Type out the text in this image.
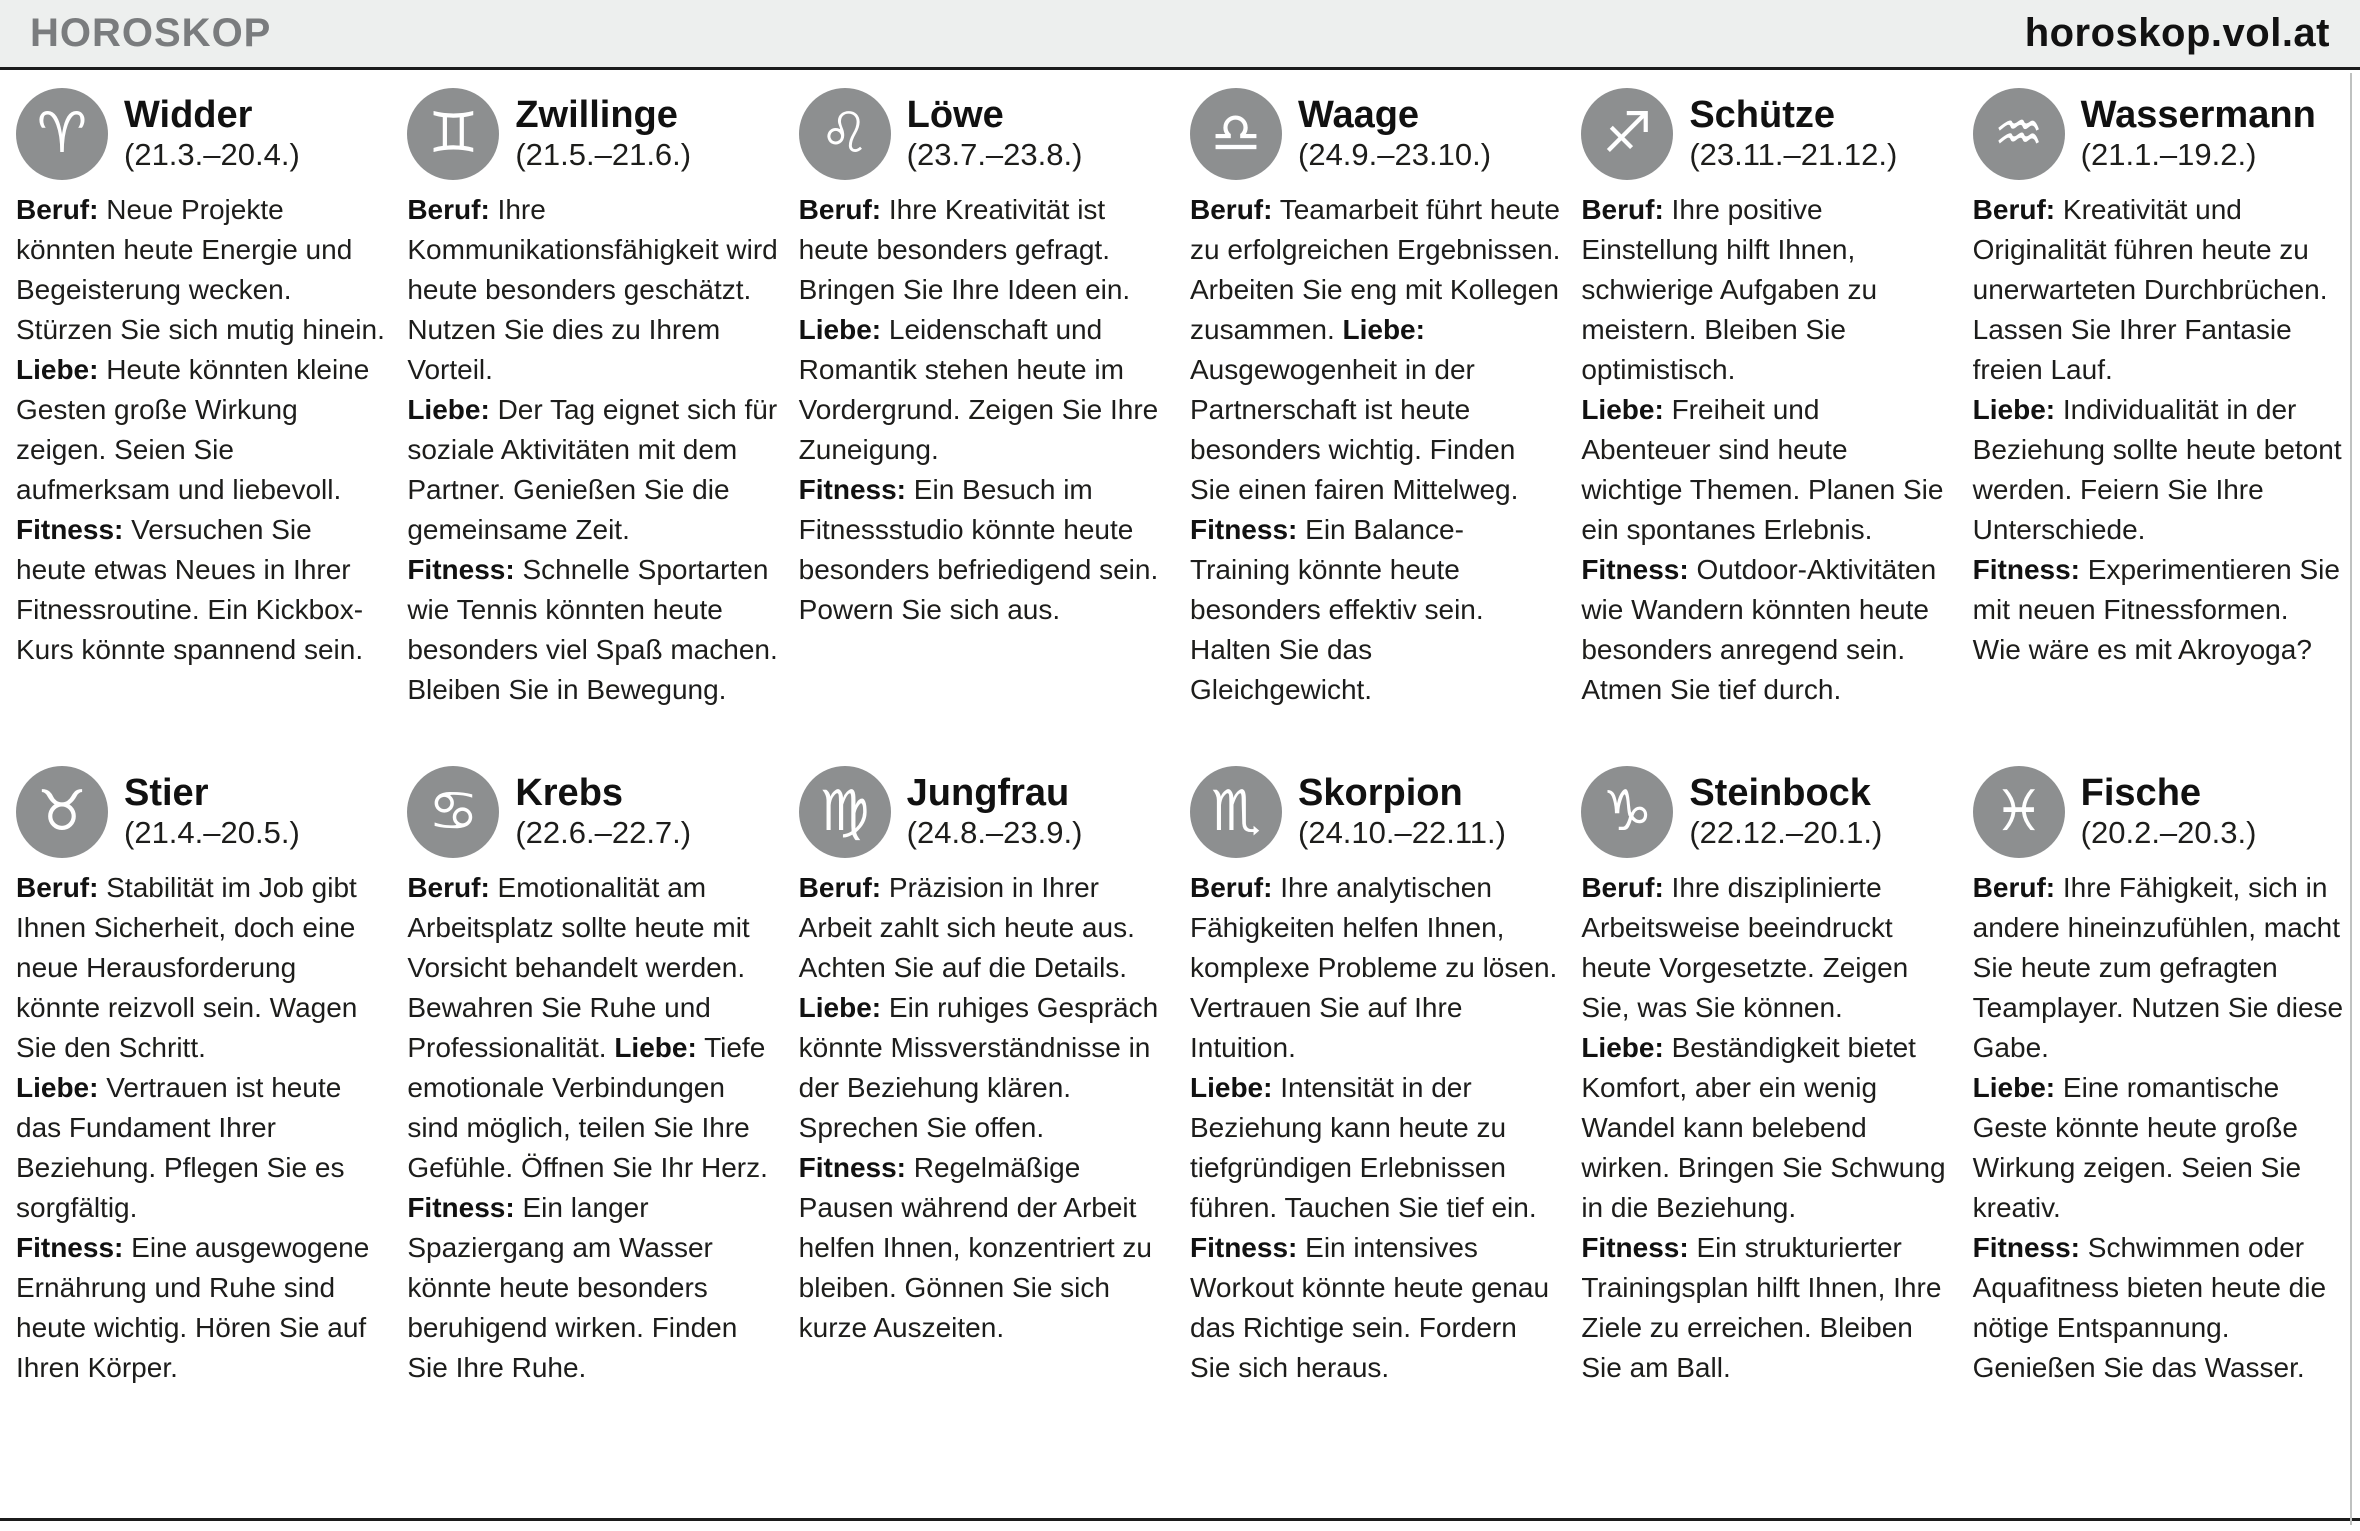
HOROSKOP	horoskop.vol.at
♈ Widder
(21.3.–20.4.)

Beruf: Neue Projekte könnten heute Energie und Begeisterung wecken. Stürzen Sie sich mutig hinein. Liebe: Heute könnten kleine Gesten große Wirkung zeigen. Seien Sie aufmerksam und liebevoll.

Fitness: Versuchen Sie heute etwas Neues in Ihrer Fitnessroutine. Ein Kickbox-Kurs könnte spannend sein.

♊ Zwillinge
(21.5.–21.6.)

Beruf: Ihre Kommunikationsfähigkeit wird heute besonders geschätzt. Nutzen Sie dies zu Ihrem Vorteil.

Liebe: Der Tag eignet sich für soziale Aktivitäten mit dem Partner. Genießen Sie die gemeinsame Zeit.

Fitness: Schnelle Sportarten wie Tennis könnten heute besonders viel Spaß machen. Bleiben Sie in Bewegung.

♌ Löwe
(23.7.–23.8.)

Beruf: Ihre Kreativität ist heute besonders gefragt. Bringen Sie Ihre Ideen ein.

Liebe: Leidenschaft und Romantik stehen heute im Vordergrund. Zeigen Sie Ihre Zuneigung.

Fitness: Ein Besuch im Fitnessstudio könnte heute besonders befriedigend sein. Powern Sie sich aus.

♎ Waage
(24.9.–23.10.)

Beruf: Teamarbeit führt heute zu erfolgreichen Ergebnissen. Arbeiten Sie eng mit Kollegen zusammen. Liebe: Ausgewogenheit in der Partnerschaft ist heute besonders wichtig. Finden Sie einen fairen Mittelweg.

Fitness: Ein Balance-Training könnte heute besonders effektiv sein. Halten Sie das Gleichgewicht.

♐ Schütze
(23.11.–21.12.)

Beruf: Ihre positive Einstellung hilft Ihnen, schwierige Aufgaben zu meistern. Bleiben Sie optimistisch.

Liebe: Freiheit und Abenteuer sind heute wichtige Themen. Planen Sie ein spontanes Erlebnis.

Fitness: Outdoor-Aktivitäten wie Wandern könnten heute besonders anregend sein. Atmen Sie tief durch.

♒ Wassermann
(21.1.–19.2.)

Beruf: Kreativität und Originalität führen heute zu unerwarteten Durchbrüchen. Lassen Sie Ihrer Fantasie freien Lauf.

Liebe: Individualität in der Beziehung sollte heute betont werden. Feiern Sie Ihre Unterschiede.

Fitness: Experimentieren Sie mit neuen Fitnessformen. Wie wäre es mit Akroyoga?

♉ Stier
(21.4.–20.5.)

Beruf: Stabilität im Job gibt Ihnen Sicherheit, doch eine neue Herausforderung könnte reizvoll sein. Wagen Sie den Schritt.

Liebe: Vertrauen ist heute das Fundament Ihrer Beziehung. Pflegen Sie es sorgfältig.

Fitness: Eine ausgewogene Ernährung und Ruhe sind heute wichtig. Hören Sie auf Ihren Körper.

♋ Krebs
(22.6.–22.7.)

Beruf: Emotionalität am Arbeitsplatz sollte heute mit Vorsicht behandelt werden. Bewahren Sie Ruhe und Professionalität. Liebe: Tiefe emotionale Verbindungen sind möglich, teilen Sie Ihre Gefühle. Öffnen Sie Ihr Herz. Fitness: Ein langer Spaziergang am Wasser könnte heute besonders beruhigend wirken. Finden Sie Ihre Ruhe.

♍ Jungfrau
(24.8.–23.9.)

Beruf: Präzision in Ihrer Arbeit zahlt sich heute aus. Achten Sie auf die Details. Liebe: Ein ruhiges Gespräch könnte Missverständnisse in der Beziehung klären. Sprechen Sie offen.

Fitness: Regelmäßige Pausen während der Arbeit helfen Ihnen, konzentriert zu bleiben. Gönnen Sie sich kurze Auszeiten.

♏ Skorpion
(24.10.–22.11.)

Beruf: Ihre analytischen Fähigkeiten helfen Ihnen, komplexe Probleme zu lösen. Vertrauen Sie auf Ihre Intuition.

Liebe: Intensität in der Beziehung kann heute zu tiefgründigen Erlebnissen führen. Tauchen Sie tief ein.

Fitness: Ein intensives Workout könnte heute genau das Richtige sein. Fordern Sie sich heraus.

♑ Steinbock
(22.12.–20.1.)

Beruf: Ihre disziplinierte Arbeitsweise beeindruckt heute Vorgesetzte. Zeigen Sie, was Sie können.

Liebe: Beständigkeit bietet Komfort, aber ein wenig Wandel kann belebend wirken. Bringen Sie Schwung in die Beziehung.

Fitness: Ein strukturierter Trainingsplan hilft Ihnen, Ihre Ziele zu erreichen. Bleiben Sie am Ball.

♓ Fische
(20.2.–20.3.)

Beruf: Ihre Fähigkeit, sich in andere hineinzufühlen, macht Sie heute zum gefragten Teamplayer. Nutzen Sie diese Gabe.

Liebe: Eine romantische Geste könnte heute große Wirkung zeigen. Seien Sie kreativ.

Fitness: Schwimmen oder Aquafitness bieten heute die nötige Entspannung. Genießen Sie das Wasser.
